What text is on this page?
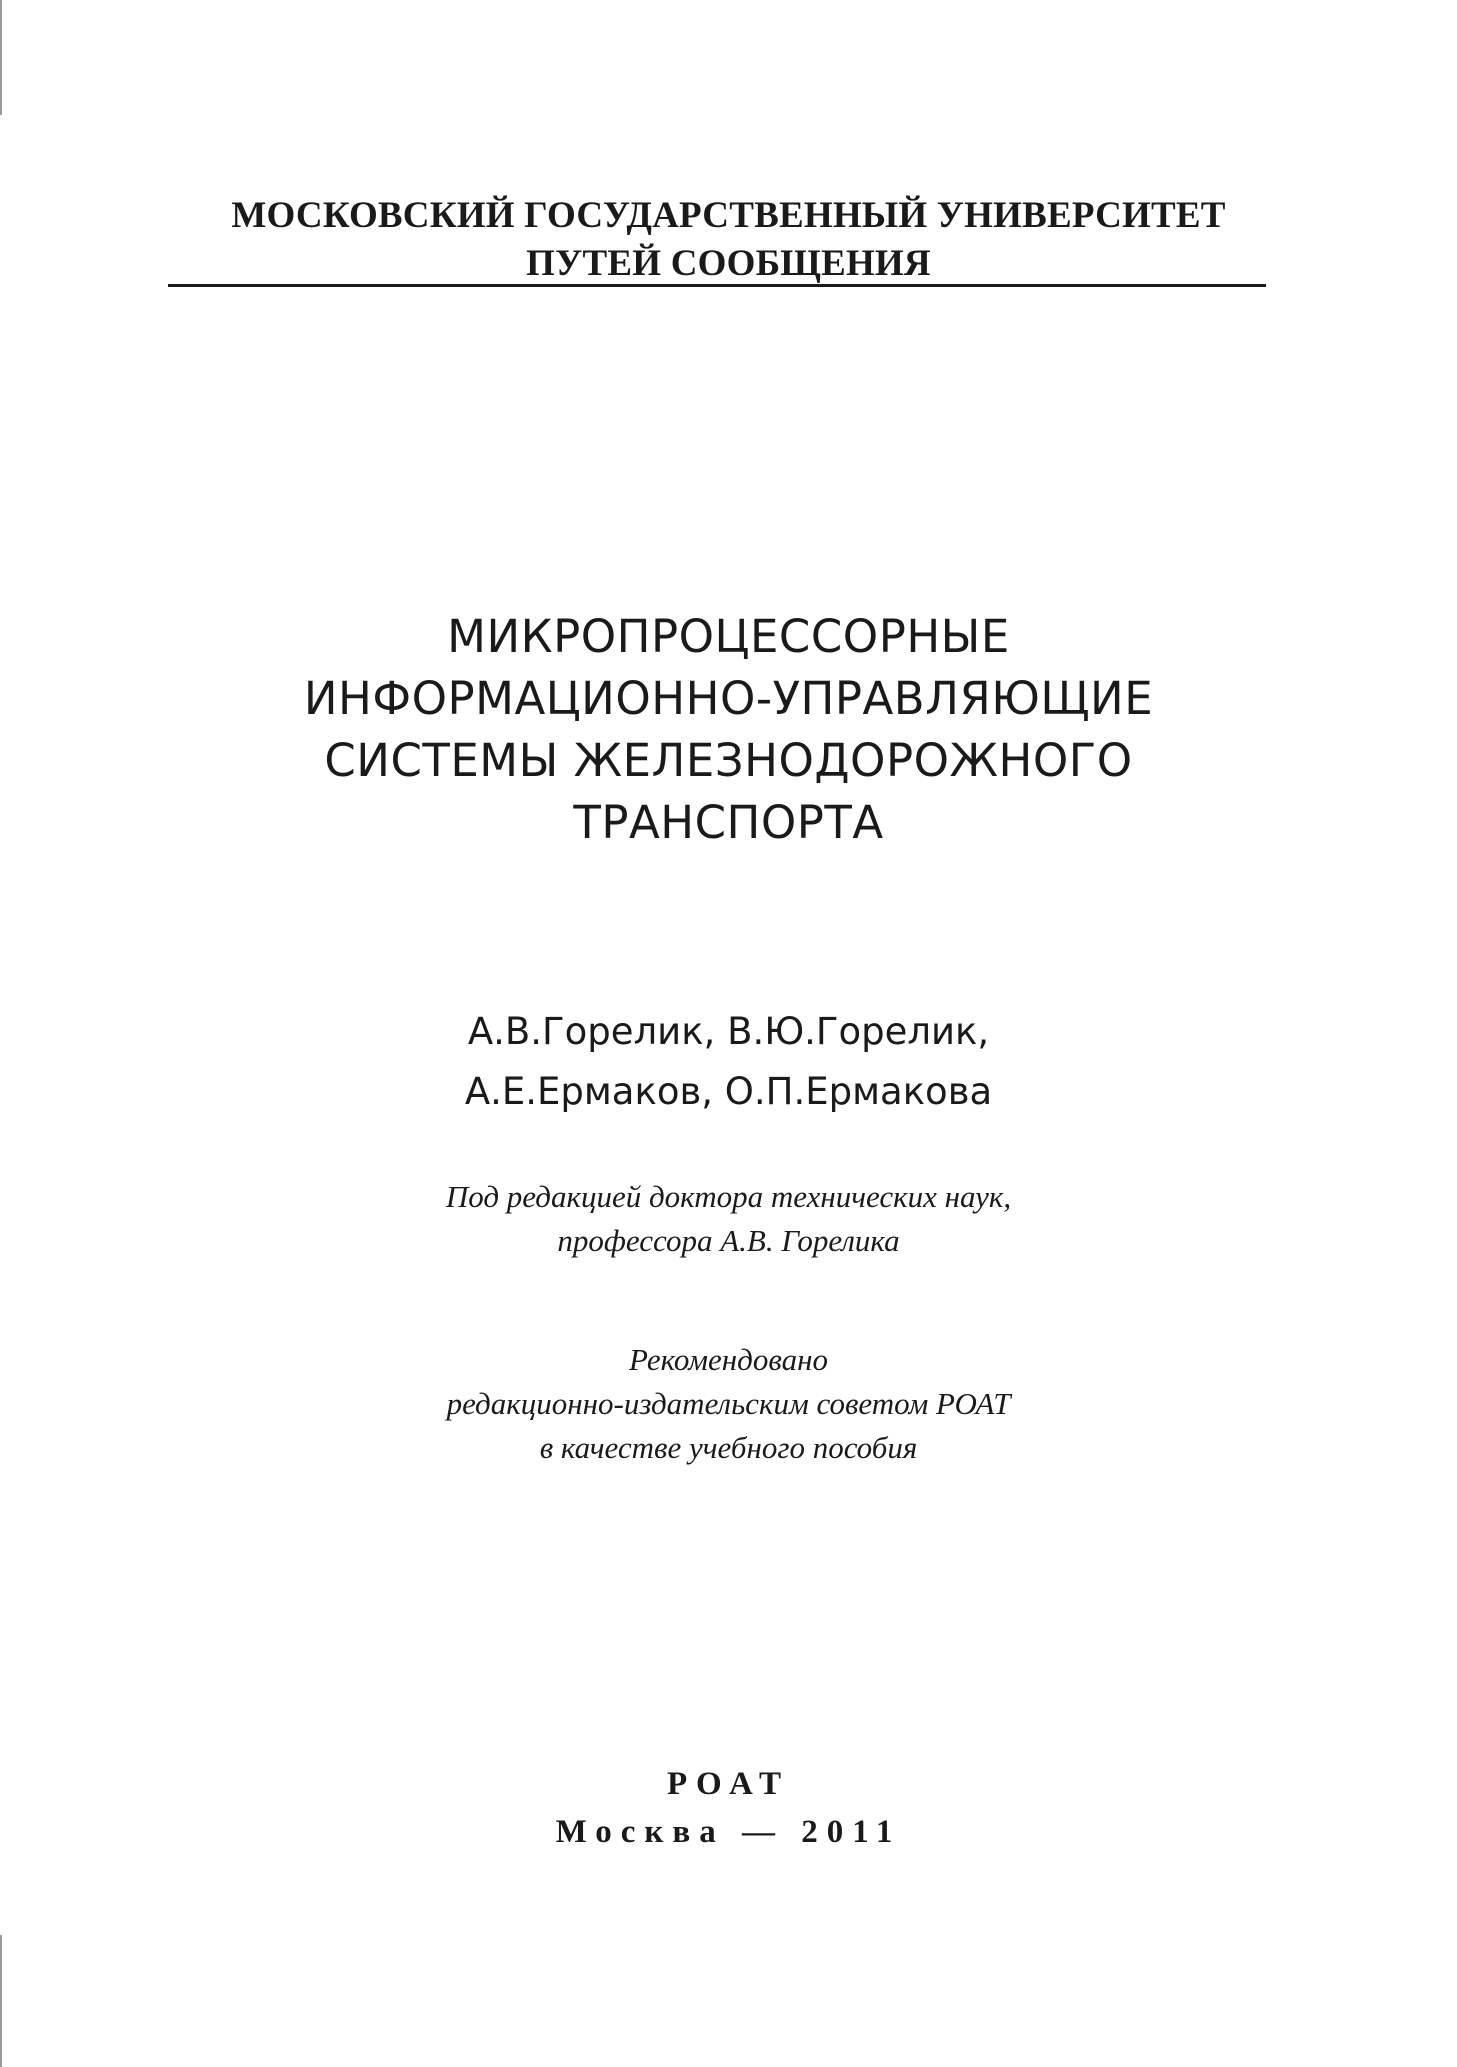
МОСКОВСКИЙ ГОСУДАРСТВЕННЫЙ УНИВЕРСИТЕТ
ПУТЕЙ СООБЩЕНИЯ
МИКРОПРОЦЕССОРНЫЕ
ИНФОРМАЦИОННО-УПРАВЛЯЮЩИЕ
СИСТЕМЫ ЖЕЛЕЗНОДОРОЖНОГО
ТРАНСПОРТА
А.В.Горелик, В.Ю.Горелик,
А.Е.Ермаков, О.П.Ермакова
Под редакцией доктора технических наук,
профессора А.В. Горелика
Рекомендовано
редакционно-издательским советом РОАТ
в качестве учебного пособия
РОАТ
Москва — 2011
